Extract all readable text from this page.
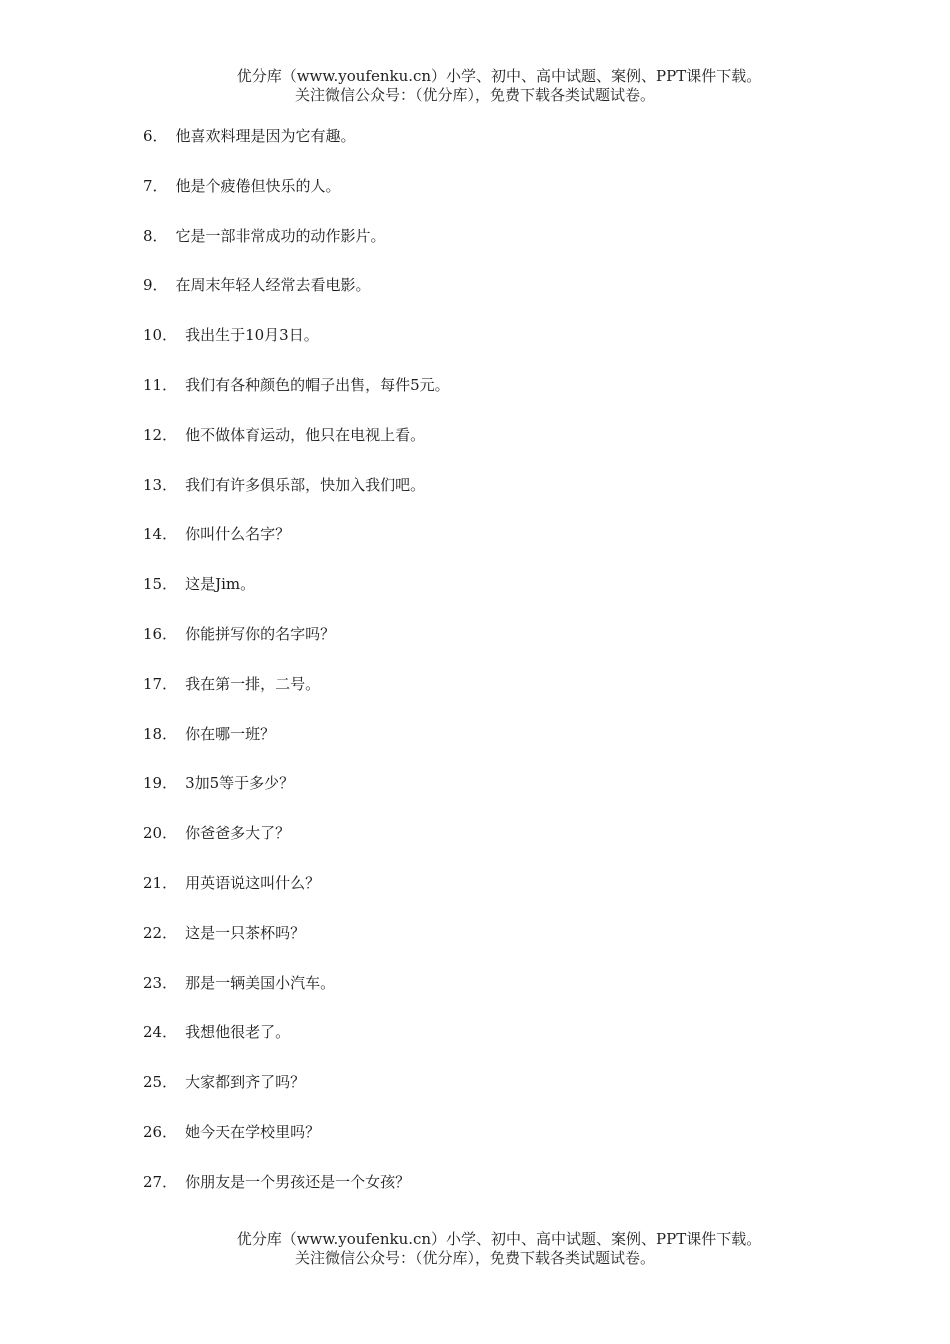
优分库（www.youfenku.cn）小学、初中、高中试题、案例、PPT课件下载。
关注微信公众号：（优分库），免费下载各类试题试卷。
6． 他喜欢料理是因为它有趣。
7． 他是个疲倦但快乐的人。
8． 它是一部非常成功的动作影片。
9． 在周末年轻人经常去看电影。
10． 我出生于10月3日。
11． 我们有各种颜色的帽子出售，每件5元。
12． 他不做体育运动，他只在电视上看。
13． 我们有许多俱乐部，快加入我们吧。
14． 你叫什么名字？
15． 这是Jim。
16． 你能拼写你的名字吗？
17． 我在第一排，二号。
18． 你在哪一班？
19． 3加5等于多少？
20． 你爸爸多大了？
21． 用英语说这叫什么？
22． 这是一只茶杯吗？
23． 那是一辆美国小汽车。
24． 我想他很老了。
25． 大家都到齐了吗？
26． 她今天在学校里吗？
27． 你朋友是一个男孩还是一个女孩？
优分库（www.youfenku.cn）小学、初中、高中试题、案例、PPT课件下载。
关注微信公众号：（优分库），免费下载各类试题试卷。
